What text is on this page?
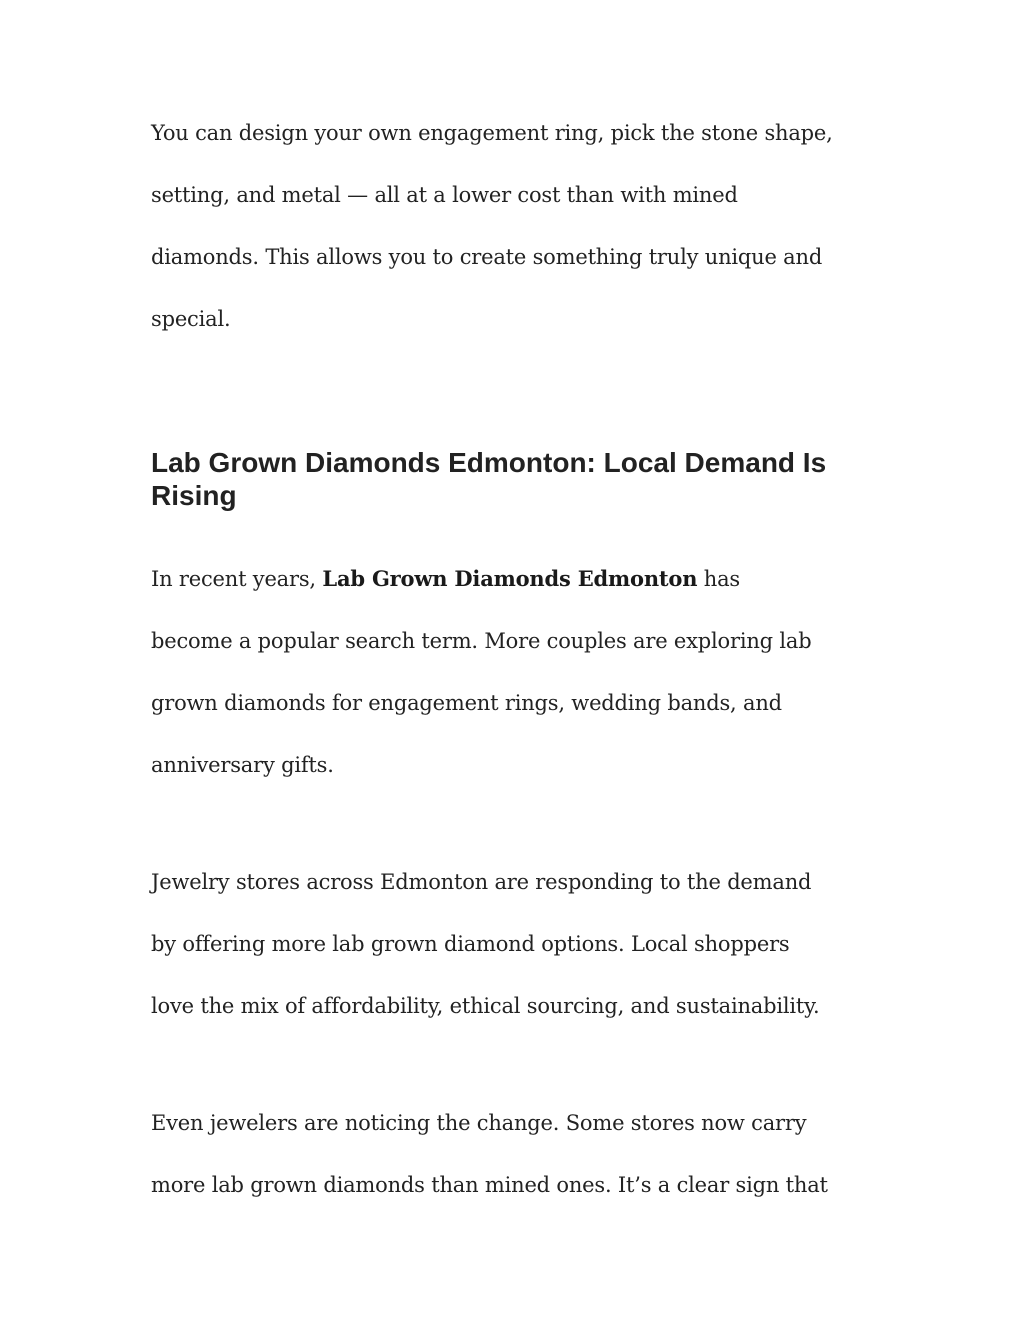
You can design your own engagement ring, pick the stone shape,
setting, and metal — all at a lower cost than with mined
diamonds. This allows you to create something truly unique and
special.

Lab Grown Diamonds Edmonton: Local Demand Is Rising

In recent years, Lab Grown Diamonds Edmonton has
become a popular search term. More couples are exploring lab
grown diamonds for engagement rings, wedding bands, and
anniversary gifts.

Jewelry stores across Edmonton are responding to the demand
by offering more lab grown diamond options. Local shoppers
love the mix of affordability, ethical sourcing, and sustainability.

Even jewelers are noticing the change. Some stores now carry
more lab grown diamonds than mined ones. It’s a clear sign that
